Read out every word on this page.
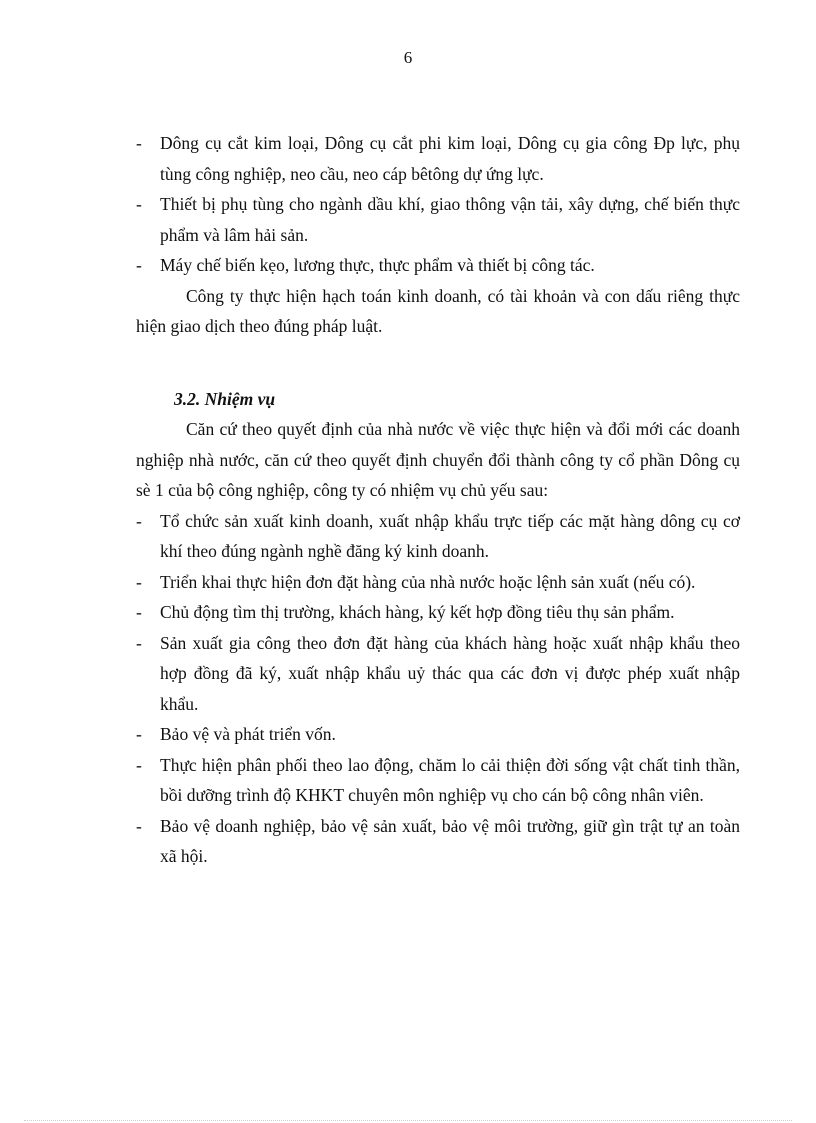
6
- Dông cụ cắt kim loại, Dông cụ cắt phi kim loại, Dông cụ gia công Đp lực, phụ tùng công nghiệp, neo cầu, neo cáp bêtông dự ứng lực.
- Thiết bị phụ tùng cho ngành dầu khí, giao thông vận tải, xây dựng, chế biến thực phẩm và lâm hải sản.
- Máy chế biến kẹo, lương thực, thực phẩm và thiết bị công tác.
Công ty thực hiện hạch toán kinh doanh, có tài khoản và con dấu riêng thực hiện giao dịch theo đúng pháp luật.
3.2. Nhiệm vụ
Căn cứ theo quyết định của nhà nước về việc thực hiện và đổi mới các doanh nghiệp nhà nước, căn cứ theo quyết định chuyển đổi thành công ty cổ phần Dông cụ sè 1 của bộ công nghiệp, công ty có nhiệm vụ chủ yếu sau:
- Tổ chức sản xuất kinh doanh, xuất nhập khẩu trực tiếp các mặt hàng dông cụ cơ khí theo đúng ngành nghề đăng ký kinh doanh.
- Triển khai thực hiện đơn đặt hàng của nhà nước hoặc lệnh sản xuất (nếu có).
- Chủ động tìm thị trường, khách hàng, ký kết hợp đồng tiêu thụ sản phẩm.
- Sản xuất gia công theo đơn đặt hàng của khách hàng hoặc xuất nhập khẩu theo hợp đồng đã ký, xuất nhập khẩu uỷ thác qua các đơn vị được phép xuất nhập khẩu.
- Bảo vệ và phát triển vốn.
- Thực hiện phân phối theo lao động, chăm lo cải thiện đời sống vật chất tinh thần, bồi dưỡng trình độ KHKT chuyên môn nghiệp vụ cho cán bộ công nhân viên.
- Bảo vệ doanh nghiệp, bảo vệ sản xuất, bảo vệ môi trường, giữ gìn trật tự an toàn xã hội.
